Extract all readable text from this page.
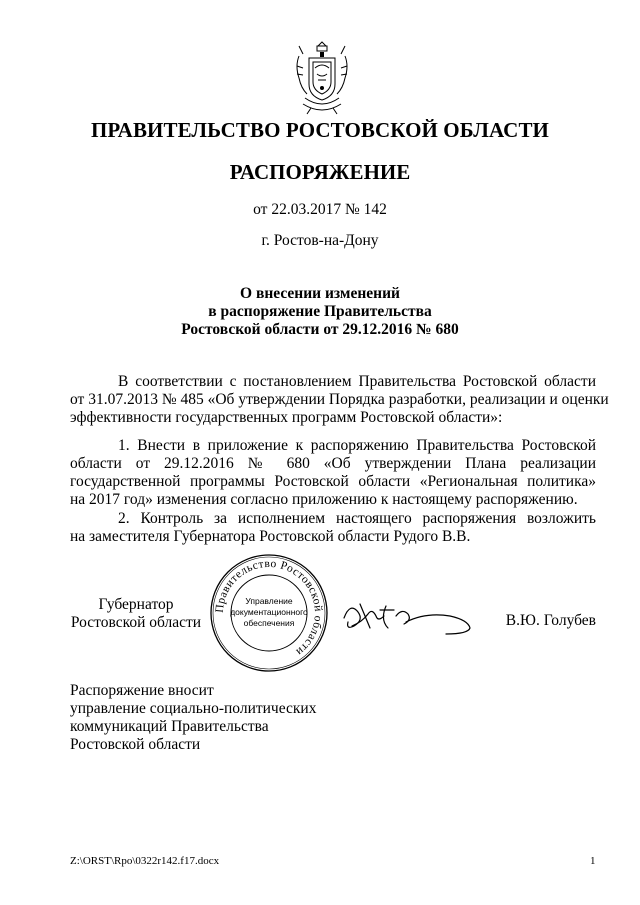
ПРАВИТЕЛЬСТВО РОСТОВСКОЙ ОБЛАСТИ
РАСПОРЯЖЕНИЕ
от 22.03.2017 № 142
г. Ростов-на-Дону
О внесении изменений
в распоряжение Правительства
Ростовской области от 29.12.2016 № 680
В соответствии с постановлением Правительства Ростовской области
от 31.07.2013 № 485 «Об утверждении Порядка разработки, реализации и оценки
эффективности государственных программ Ростовской области»:
1. Внести в приложение к распоряжению Правительства Ростовской
области от 29.12.2016 № 680 «Об утверждении Плана реализации
государственной программы Ростовской области «Региональная политика»
на 2017 год» изменения согласно приложению к настоящему распоряжению.
2. Контроль за исполнением настоящего распоряжения возложить
на заместителя Губернатора Ростовской области Рудого В.В.
Губернатор
Ростовской области
Правительство Ростовской области
Управление
документационного
обеспечения	В.Ю. Голубев
Распоряжение вносит
управление социально-политических
коммуникаций Правительства
Ростовской области
Z:\ORST\Rpo\0322r142.f17.docx	1
